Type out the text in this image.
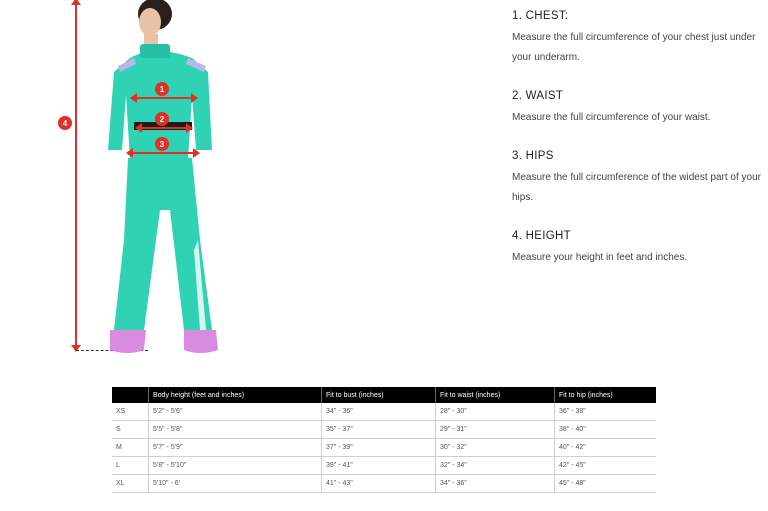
4
1
2
3

1. CHEST:

Measure the full circumference of your chest just under your underarm.

2. WAIST

Measure the full circumference of your waist.

3. HIPS

Measure the full circumference of the widest part of your hips.

4. HEIGHT

Measure your height in feet and inches.

	Body height (feet and inches)	Fit to bust (inches)	Fit to waist (inches)	Fit to hip (inches)
XS	5'2" - 5'6"	34" - 36"	28" - 30"	36" - 38"
S	5'5" - 5'8"	35" - 37"	29" - 31"	38" - 40"
M	5'7" - 5'9"	37" - 39"	30" - 32"	40" - 42"
L	5'8" - 5'10"	39" - 41"	32" - 34"	42" - 45"
XL	5'10" - 6'	41" - 43"	34" - 36"	45" - 48"
